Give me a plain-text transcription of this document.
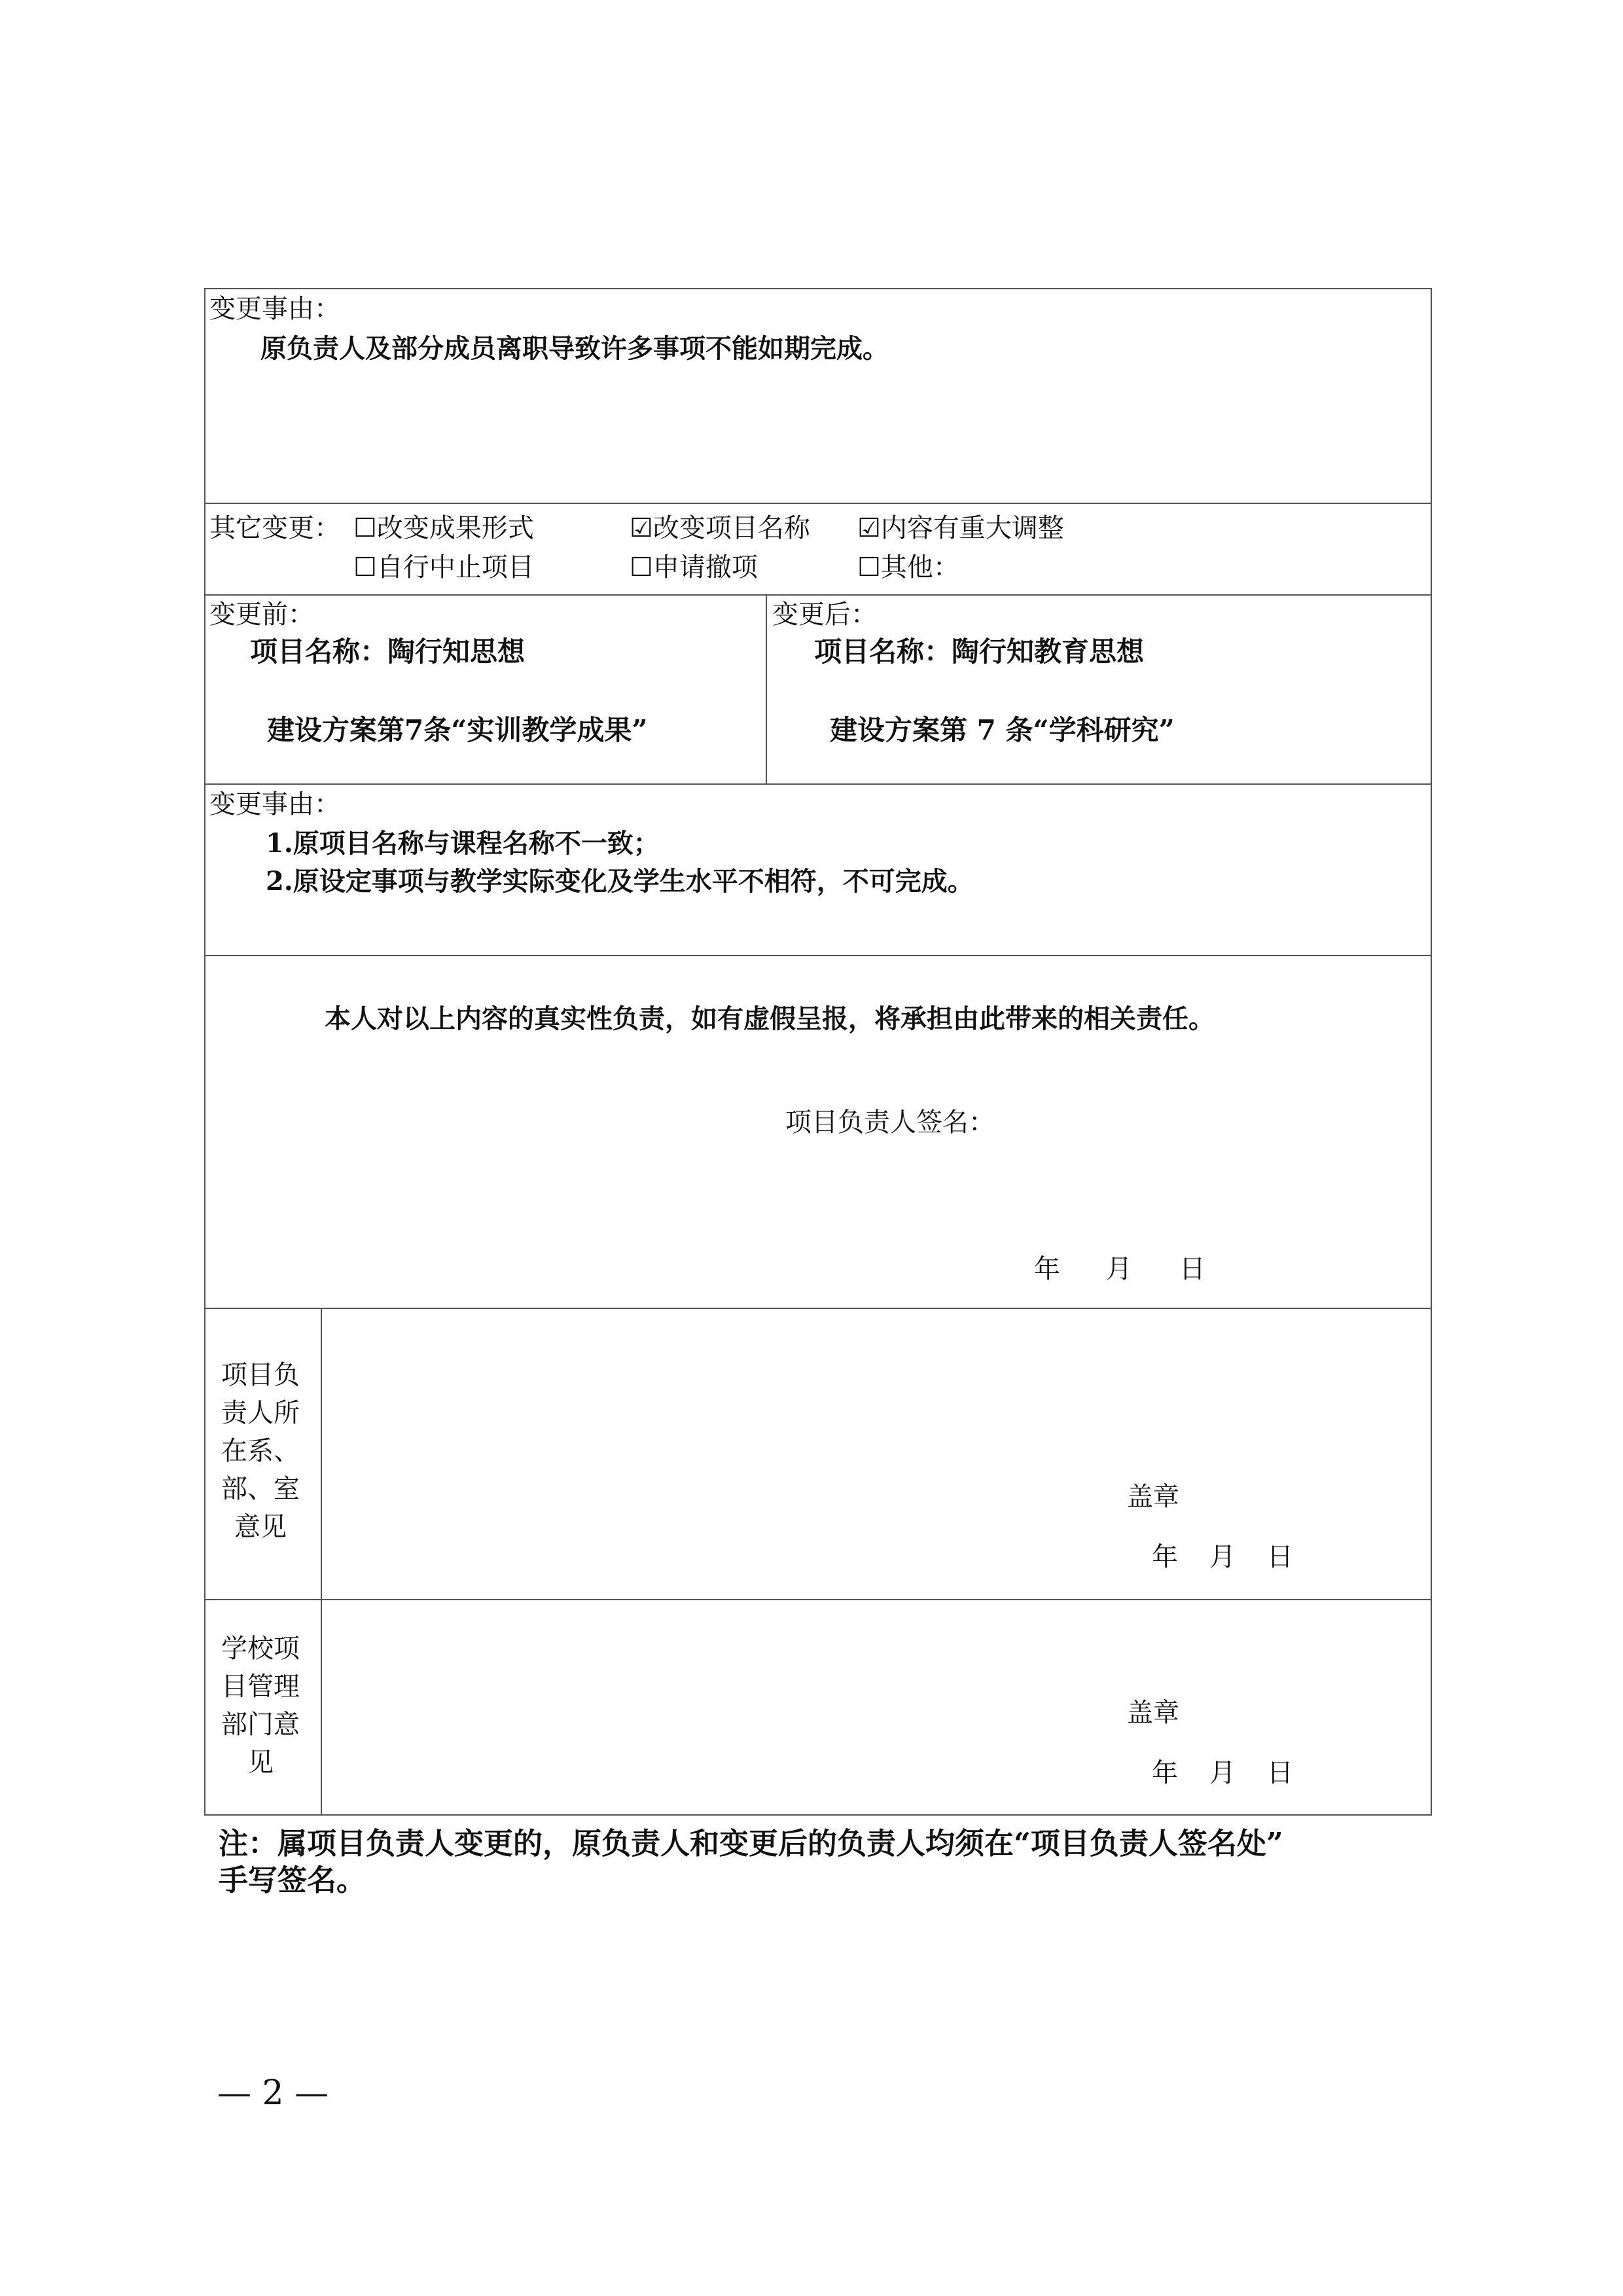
变更事由：
原负责人及部分成员离职导致许多事项不能如期完成。
其它变更： ☐改变成果形式	☑改变项目名称 ☑内容有重大调整
☐自行中止项目	☐申请撤项	☐其他：
变更前：
项目名称：陶行知思想
建设方案第7条“实训教学成果”
变更后：
项目名称：陶行知教育思想
建设方案第 7 条“学科研究”
变更事由：
1.原项目名称与课程名称不一致；
2.原设定事项与教学实际变化及学生水平不相符，不可完成。
本人对以上内容的真实性负责，如有虚假呈报，将承担由此带来的相关责任。
项目负责人签名：
年 月 日
项目负
责人所
在系、
部、室
意见
盖章
年 月 日
学校项
目管理
部门意
见
盖章
年 月 日
注：属项目负责人变更的，原负责人和变更后的负责人均须在“项目负责人签名处”
手写签名。
— 2 —
